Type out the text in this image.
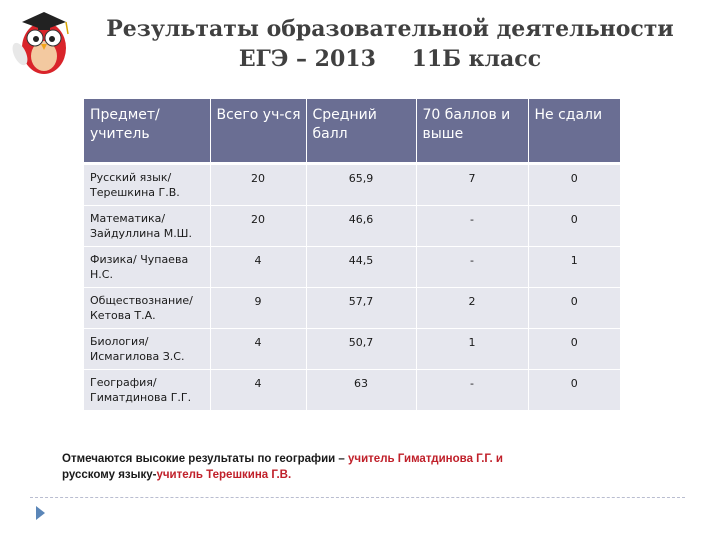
Результаты образовательной деятельности
ЕГЭ – 2013 11Б класс
Предмет/ учитель	Всего уч-ся	Средний балл	70 баллов и выше	Не сдали
Русский язык/ Терешкина Г.В.	20	65,9	7	0
Математика/ Зайдуллина М.Ш.	20	46,6	-	0
Физика/ Чупаева Н.С.	4	44,5	-	1
Обществознание/ Кетова Т.А.	9	57,7	2	0
Биология/ Исмагилова З.С.	4	50,7	1	0
География/ Гиматдинова Г.Г.	4	63	-	0
Отмечаются высокие результаты по географии – учитель Гиматдинова Г.Г. и
русскому языку-учитель Терешкина Г.В.
